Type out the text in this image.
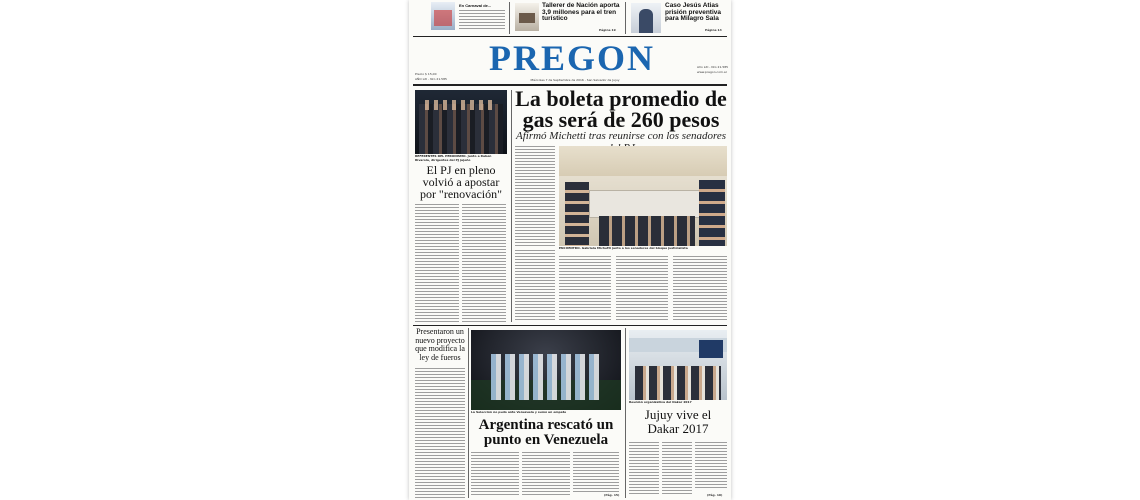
En Carnaval de...	Tallerer de Nación aporta 3,9 millones para el tren turístico
Página 19
Caso Jesús Atias prisión preventiva para Milagro Sala
Página 14
PREGON
Precio $ 15,00
AÑO LXI - Nro 21.585
Año LXI - Nro 21.585
www.pregon.com.ar
Miércoles 7 de Septiembre de 2016 - San Salvador de Jujuy
REFERENTES DEL PERONISMO. Junto a Rubén Rivarola, dirigentes del PJ jujeño
El PJ en pleno volvió a apostar por "renovación"
La boleta promedio de gas será de 260 pesos
Afirmó Michetti tras reunirse con los senadores
ENCUENTRO. Gabriela Michetti junto a los senadores del bloque justicialista
Presentaron un nuevo proyecto que modifica la ley de fueros
La Selección no pudo ante Venezuela y sumó un empate
Argentina rescató un punto en Venezuela
(Pág. 15)
Reunión organizativa del Dakar 2017
Jujuy vive el Dakar 2017
(Pág. 10)
